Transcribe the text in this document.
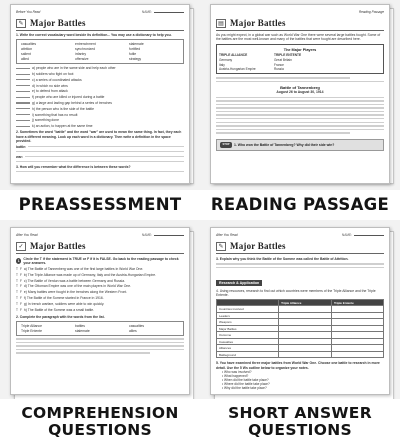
Before You Read	NAME:
✎ Major Battles
1. Write the correct vocabulary word beside its definition... You may use a dictionary to help you.
casualties	entrenchment	stalemate
attrition	synchronized	fortified
salient	infantry	futile
allied	offensive	strategy
a) people who are in the same side and help each other
b) soldiers who fight on foot
c) a series of coordinated attacks
d) in which no side wins
e) to defend from attack
f) people who are killed or injured during a battle
g) a large and lasting gap behind a series of trenches
h) the person who is the side of the battle
i) something that has no result
j) something done
k) an action, to happen at the same time
2. Sometimes the word "battle" and the word "war" are used to mean the same thing. In fact, they each have a different meaning. Look up each word in a dictionary. Then write a definition in the space provided.
battle:
war:
3. How will you remember what the difference is between these words?
PREASSESSMENT
Reading Passage
▤ Major Battles
As you might expect, in a global war such as World War One there were several large battles fought. Some of the battles are the most well-known and many of the battles that were fought are described here.
The Major Players
TRIPLE ALLIANCE	TRIPLE ENTENTE
Germany	Great Britain
Italy	France
Austria-Hungarian Empire	Russia
Battle of Tannenberg
August 26 to August 30, 1914
STOP	1. Who won the Battle of Tannenberg? Why did their side win?
READING PASSAGE
After You Read	NAME:
✓ Major Battles
1
Circle the T if the statement is TRUE or F if it is FALSE. Go back to the reading passage to check your answers.
T F a) The Battle of Tannenberg was one of the first large battles in World War One.
T F b) The Triple Alliance was made up of Germany, Italy and the Austria-Hungarian Empire.
T F c) The Battle of Verdun was a battle between Germany and Russia.
T F d) The Ottoman Empire was one of the main players in World War One.
T F e) Many battles were fought in the trenches along the Western Front.
T F f) The Battle of the Somme started in France in 1916.
T F g) In trench warfare, soldiers were able to win quickly.
T F h) The Battle of the Somme was a small battle.
2. Complete the paragraph with the words from the list.
Triple Alliance	battles	casualties
Triple Entente	stalemate	allies
COMPREHENSION
QUESTIONS
After You Read	NAME:
✎ Major Battles
3. Explain why you think the Battle of the Somme was called the Battle of Attrition.
Research & Application
4. Using resources, research to find out which countries were members of the Triple Alliance and the Triple Entente.
	Triple Alliance	Triple Entente
Countries involved		
Leaders		
Weapons		
Major Battles		
Outcome		
Casualties		
Alliances		
Battleground		
5. You have examined three major battles from World War One. Choose one battle to research in more detail. Use the 5 Ws outline below to organize your notes.
• Who was involved?
• What happened?
• When did the battle take place?
• Where did the battle take place?
• Why did the battle take place?
SHORT ANSWER
QUESTIONS
